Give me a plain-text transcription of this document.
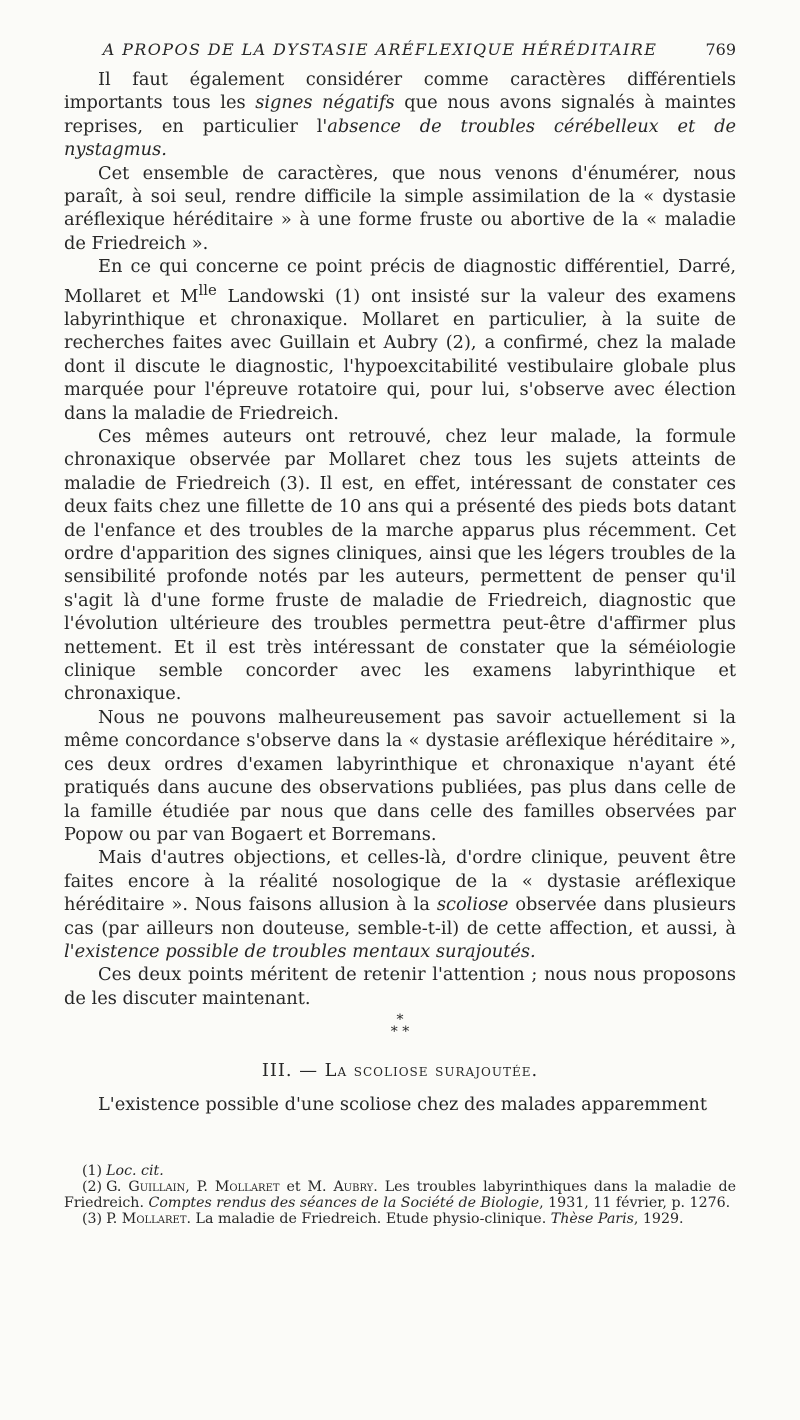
A PROPOS DE LA DYSTASIE ARÉFLEXIQUE HÉRÉDITAIRE	769

Il faut également considérer comme caractères différentiels importants tous les signes négatifs que nous avons signalés à maintes reprises, en particulier l'absence de troubles cérébelleux et de nystagmus.

Cet ensemble de caractères, que nous venons d'énumérer, nous paraît, à soi seul, rendre difficile la simple assimilation de la « dystasie aréflexique héréditaire » à une forme fruste ou abortive de la « maladie de Friedreich ».

En ce qui concerne ce point précis de diagnostic différentiel, Darré, Mollaret et $M^{lle}$ Landowski (1) ont insisté sur la valeur des examens labyrinthique et chronaxique. Mollaret en particulier, à la suite de recherches faites avec Guillain et Aubry (2), a confirmé, chez la malade dont il discute le diagnostic, l'hypoexcitabilité vestibulaire globale plus marquée pour l'épreuve rotatoire qui, pour lui, s'observe avec élection dans la maladie de Friedreich.

Ces mêmes auteurs ont retrouvé, chez leur malade, la formule chronaxique observée par Mollaret chez tous les sujets atteints de maladie de Friedreich (3). Il est, en effet, intéressant de constater ces deux faits chez une fillette de 10 ans qui a présenté des pieds bots datant de l'enfance et des troubles de la marche apparus plus récemment. Cet ordre d'apparition des signes cliniques, ainsi que les légers troubles de la sensibilité profonde notés par les auteurs, permettent de penser qu'il s'agit là d'une forme fruste de maladie de Friedreich, diagnostic que l'évolution ultérieure des troubles permettra peut-être d'affirmer plus nettement. Et il est très intéressant de constater que la séméiologie clinique semble concorder avec les examens labyrinthique et chronaxique.

Nous ne pouvons malheureusement pas savoir actuellement si la même concordance s'observe dans la « dystasie aréflexique héréditaire », ces deux ordres d'examen labyrinthique et chronaxique n'ayant été pratiqués dans aucune des observations publiées, pas plus dans celle de la famille étudiée par nous que dans celle des familles observées par Popow ou par van Bogaert et Borremans.

Mais d'autres objections, et celles-là, d'ordre clinique, peuvent être faites encore à la réalité nosologique de la « dystasie aréflexique héréditaire ». Nous faisons allusion à la scoliose observée dans plusieurs cas (par ailleurs non douteuse, semble-t-il) de cette affection, et aussi, à l'existence possible de troubles mentaux surajoutés.

Ces deux points méritent de retenir l'attention ; nous nous proposons de les discuter maintenant.

*
* *
III. — La scoliose surajoutée.

L'existence possible d'une scoliose chez des malades apparemment

(1) Loc. cit.

(2) G. Guillain, P. Mollaret et M. Aubry. Les troubles labyrinthiques dans la maladie de Friedreich. Comptes rendus des séances de la Société de Biologie, 1931, 11 février, p. 1276.

(3) P. Mollaret. La maladie de Friedreich. Etude physio-clinique. Thèse Paris, 1929.
